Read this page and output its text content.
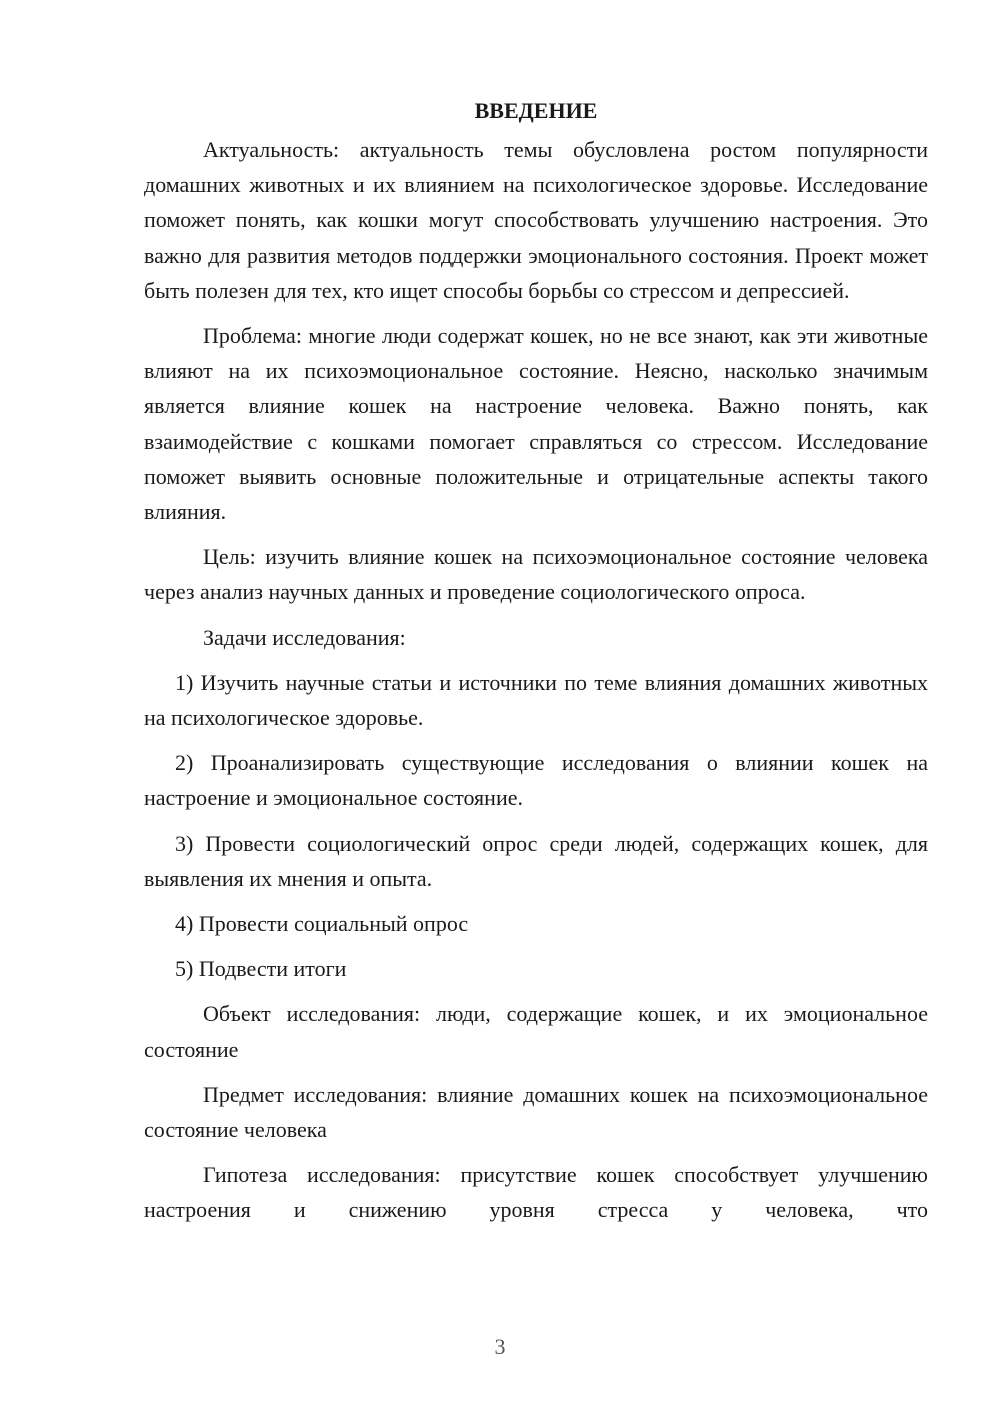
ВВЕДЕНИЕ

Актуальность: актуальность темы обусловлена ростом популярности домашних животных и их влиянием на психологическое здоровье. Исследование поможет понять, как кошки могут способствовать улучшению настроения. Это важно для развития методов поддержки эмоционального состояния. Проект может быть полезен для тех, кто ищет способы борьбы со стрессом и депрессией.

Проблема: многие люди содержат кошек, но не все знают, как эти животные влияют на их психоэмоциональное состояние. Неясно, насколько значимым является влияние кошек на настроение человека. Важно понять, как взаимодействие с кошками помогает справляться со стрессом. Исследование поможет выявить основные положительные и отрицательные аспекты такого влияния.

Цель: изучить влияние кошек на психоэмоциональное состояние человека через анализ научных данных и проведение социологического опроса.

Задачи исследования:

1) Изучить научные статьи и источники по теме влияния домашних животных на психологическое здоровье.

2) Проанализировать существующие исследования о влиянии кошек на настроение и эмоциональное состояние.

3) Провести социологический опрос среди людей, содержащих кошек, для выявления их мнения и опыта.

4) Провести социальный опрос

5) Подвести итоги

Объект исследования: люди, содержащие кошек, и их эмоциональное состояние

Предмет исследования: влияние домашних кошек на психоэмоциональное состояние человека

Гипотеза исследования: присутствие кошек способствует улучшению настроения и снижению уровня стресса у человека, что

3
